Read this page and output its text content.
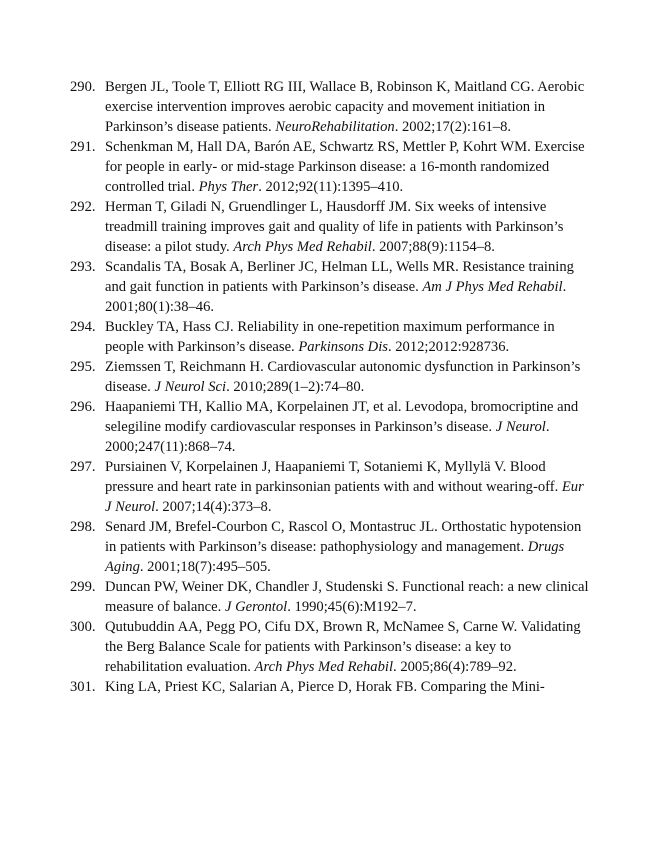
290. Bergen JL, Toole T, Elliott RG III, Wallace B, Robinson K, Maitland CG. Aerobic exercise intervention improves aerobic capacity and movement initiation in Parkinson’s disease patients. NeuroRehabilitation. 2002;17(2):161–8.
291. Schenkman M, Hall DA, Barón AE, Schwartz RS, Mettler P, Kohrt WM. Exercise for people in early- or mid-stage Parkinson disease: a 16-month randomized controlled trial. Phys Ther. 2012;92(11):1395–410.
292. Herman T, Giladi N, Gruendlinger L, Hausdorff JM. Six weeks of intensive treadmill training improves gait and quality of life in patients with Parkinson’s disease: a pilot study. Arch Phys Med Rehabil. 2007;88(9):1154–8.
293. Scandalis TA, Bosak A, Berliner JC, Helman LL, Wells MR. Resistance training and gait function in patients with Parkinson’s disease. Am J Phys Med Rehabil. 2001;80(1):38–46.
294. Buckley TA, Hass CJ. Reliability in one-repetition maximum performance in people with Parkinson’s disease. Parkinsons Dis. 2012;2012:928736.
295. Ziemssen T, Reichmann H. Cardiovascular autonomic dysfunction in Parkinson’s disease. J Neurol Sci. 2010;289(1–2):74–80.
296. Haapaniemi TH, Kallio MA, Korpelainen JT, et al. Levodopa, bromocriptine and selegiline modify cardiovascular responses in Parkinson’s disease. J Neurol. 2000;247(11):868–74.
297. Pursiainen V, Korpelainen J, Haapaniemi T, Sotaniemi K, Myllylä V. Blood pressure and heart rate in parkinsonian patients with and without wearing-off. Eur J Neurol. 2007;14(4):373–8.
298. Senard JM, Brefel-Courbon C, Rascol O, Montastruc JL. Orthostatic hypotension in patients with Parkinson’s disease: pathophysiology and management. Drugs Aging. 2001;18(7):495–505.
299. Duncan PW, Weiner DK, Chandler J, Studenski S. Functional reach: a new clinical measure of balance. J Gerontol. 1990;45(6):M192–7.
300. Qutubuddin AA, Pegg PO, Cifu DX, Brown R, McNamee S, Carne W. Validating the Berg Balance Scale for patients with Parkinson’s disease: a key to rehabilitation evaluation. Arch Phys Med Rehabil. 2005;86(4):789–92.
301. King LA, Priest KC, Salarian A, Pierce D, Horak FB. Comparing the Mini-
